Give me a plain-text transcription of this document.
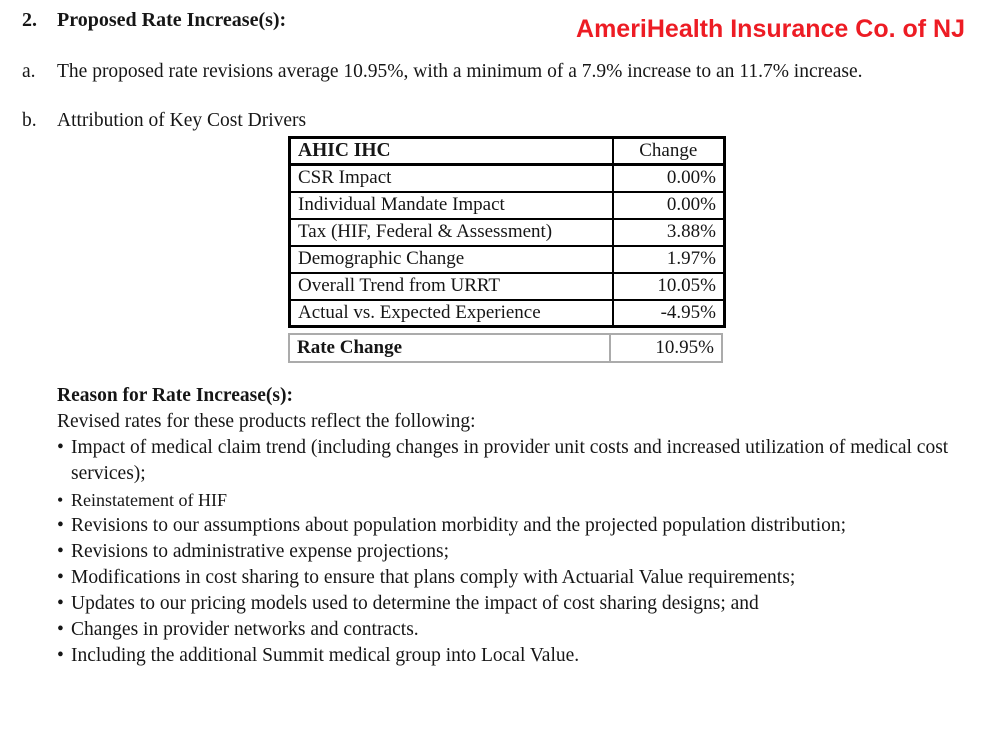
2.	Proposed Rate Increase(s):	AmeriHealth Insurance Co. of NJ
a.	The proposed rate revisions average 10.95%, with a minimum of a 7.9% increase to an 11.7% increase.
b.	Attribution of Key Cost Drivers
AHIC IHC	Change
CSR Impact	0.00%
Individual Mandate Impact	0.00%
Tax (HIF, Federal & Assessment)	3.88%
Demographic Change	1.97%
Overall Trend from URRT	10.05%
Actual vs. Expected Experience	-4.95%
Rate Change	10.95%
Reason for Rate Increase(s):
Revised rates for these products reflect the following:
• Impact of medical claim trend (including changes in provider unit costs and increased utilization of medical cost services);
• Reinstatement of HIF
• Revisions to our assumptions about population morbidity and the projected population distribution;
• Revisions to administrative expense projections;
• Modifications in cost sharing to ensure that plans comply with Actuarial Value requirements;
• Updates to our pricing models used to determine the impact of cost sharing designs; and
• Changes in provider networks and contracts.
• Including the additional Summit medical group into Local Value.
